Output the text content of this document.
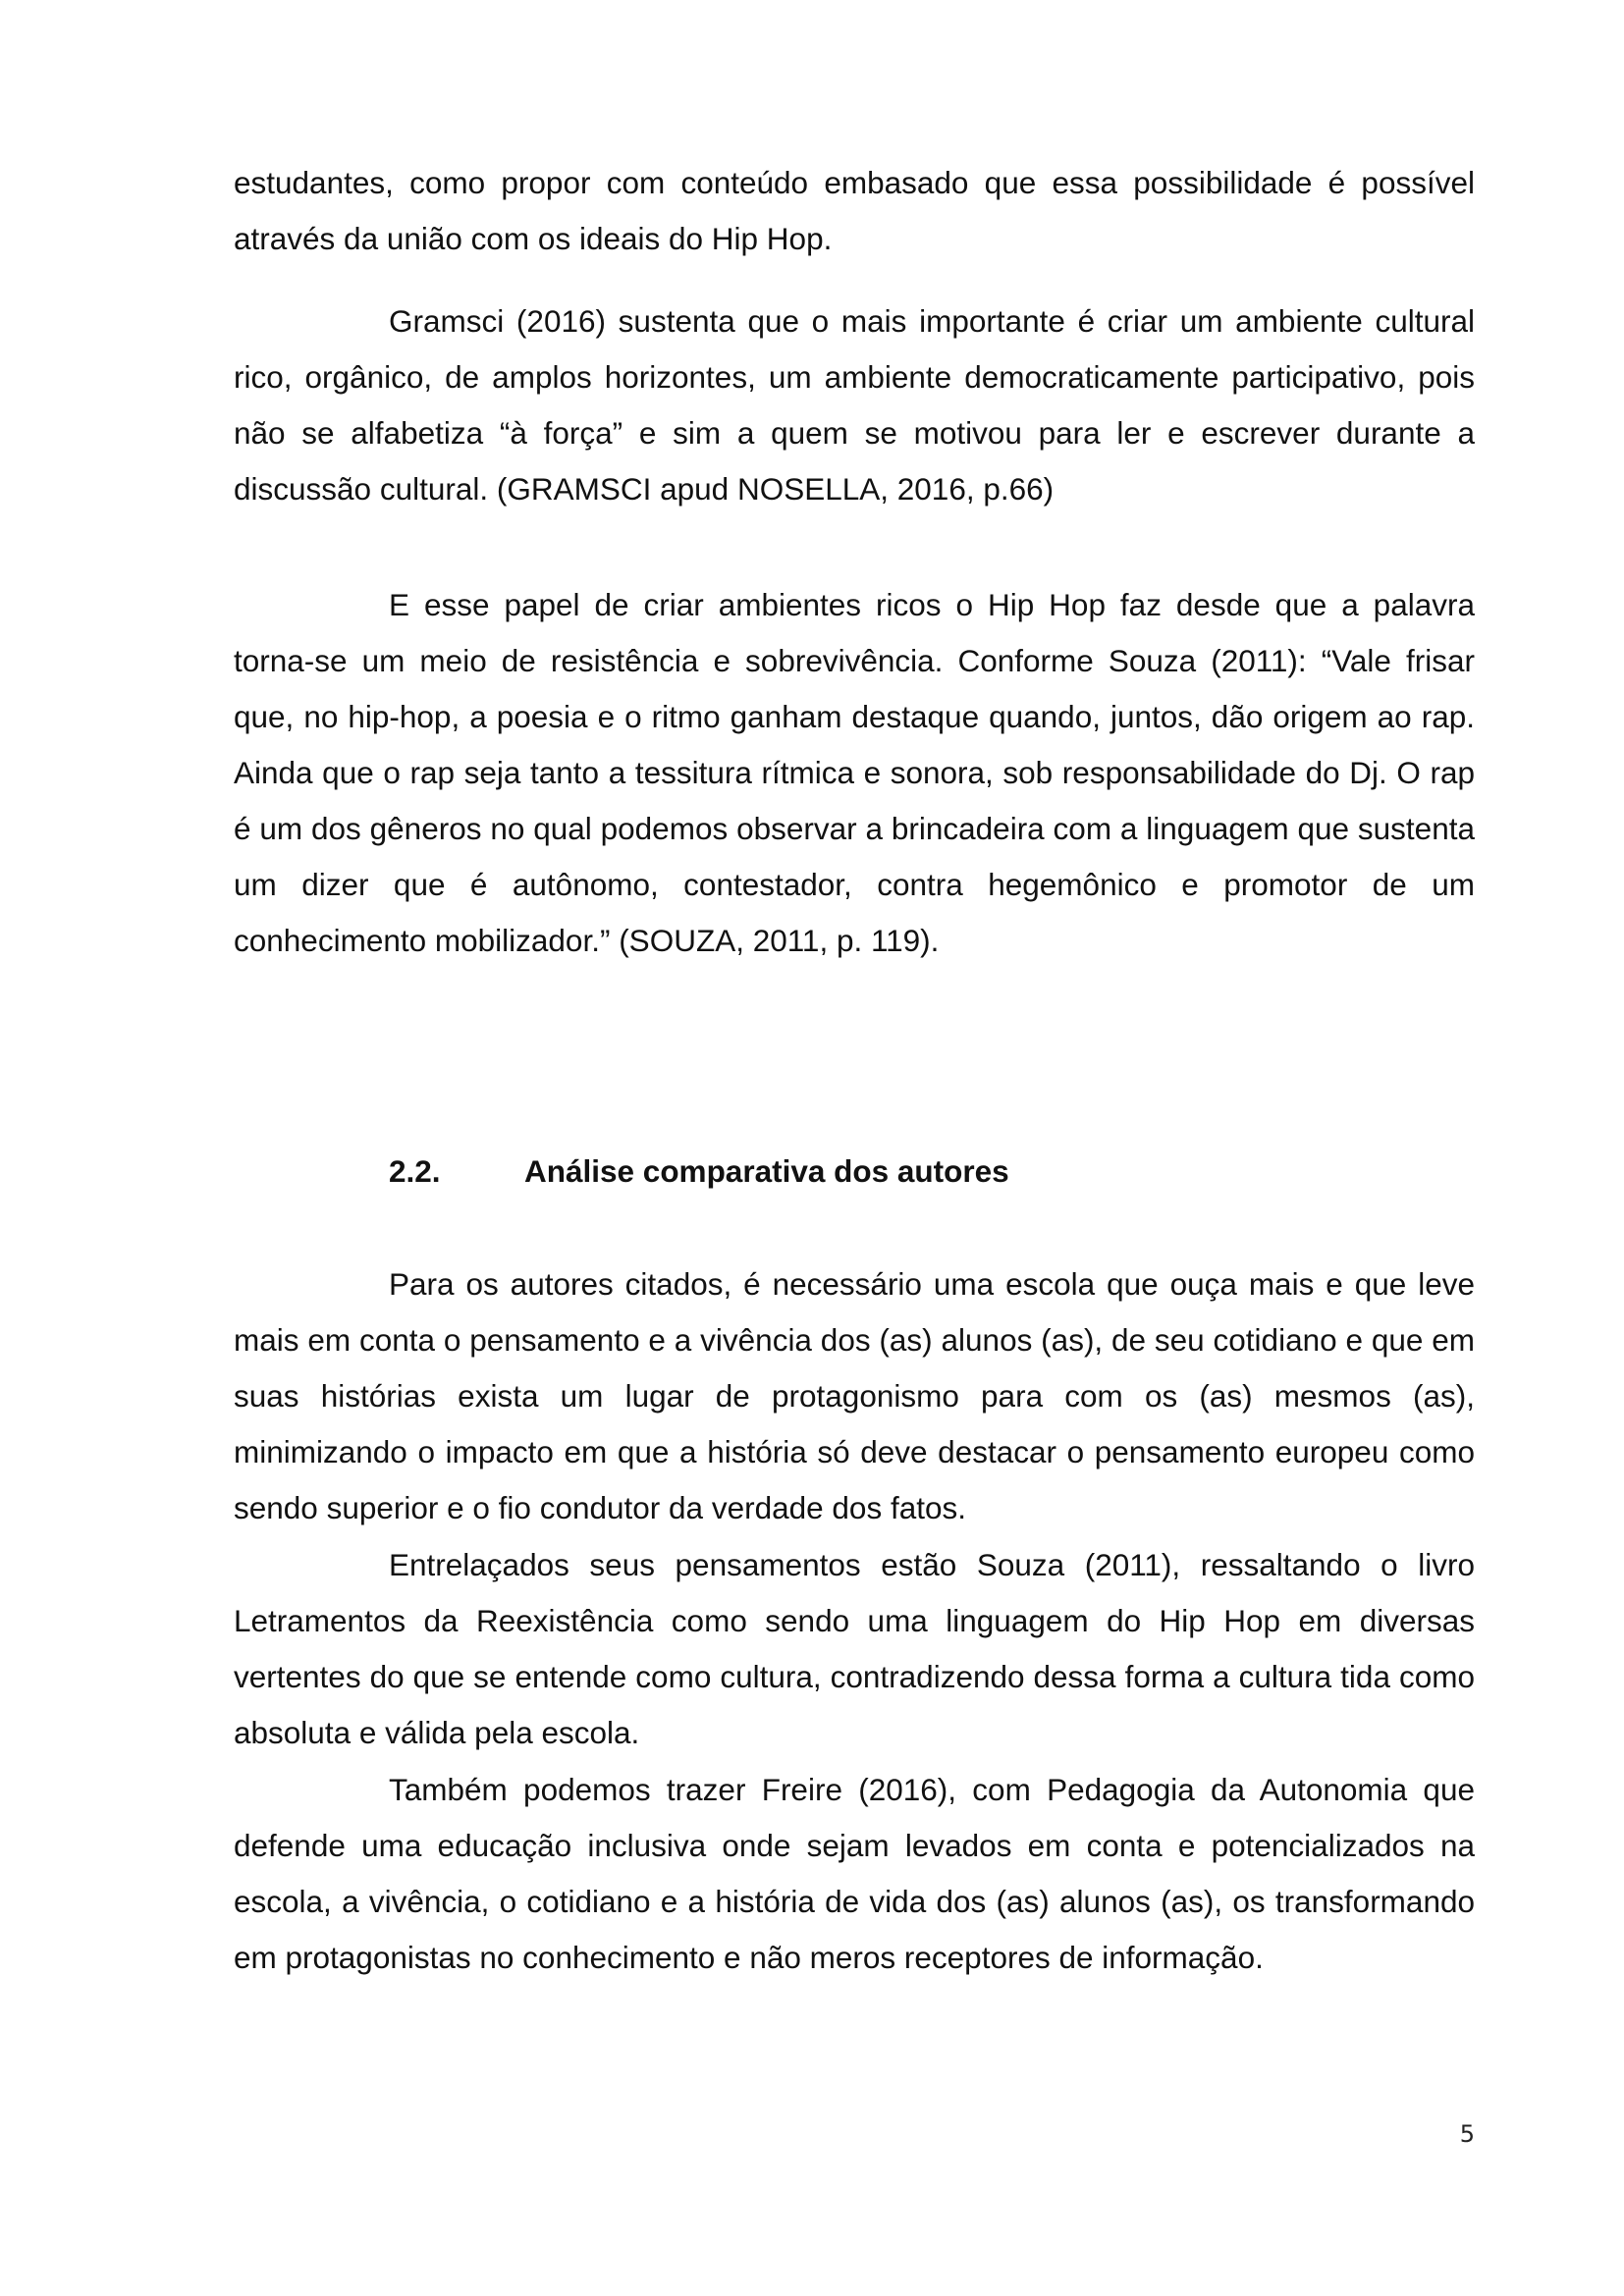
estudantes, como propor com conteúdo embasado que essa possibilidade é possível através da união com os ideais do Hip Hop.

Gramsci (2016) sustenta que o mais importante é criar um ambiente cultural rico, orgânico, de amplos horizontes, um ambiente democraticamente participativo, pois não se alfabetiza “à força” e sim a quem se motivou para ler e escrever durante a discussão cultural. (GRAMSCI apud NOSELLA, 2016, p.66)

E esse papel de criar ambientes ricos o Hip Hop faz desde que a palavra torna-se um meio de resistência e sobrevivência. Conforme Souza (2011): “Vale frisar que, no hip-hop, a poesia e o ritmo ganham destaque quando, juntos, dão origem ao rap. Ainda que o rap seja tanto a tessitura rítmica e sonora, sob responsabilidade do Dj. O rap é um dos gêneros no qual podemos observar a brincadeira com a linguagem que sustenta um dizer que é autônomo, contestador, contra hegemônico e promotor de um conhecimento mobilizador.” (SOUZA, 2011, p. 119).

2.2.	Análise comparativa dos autores

Para os autores citados, é necessário uma escola que ouça mais e que leve mais em conta o pensamento e a vivência dos (as) alunos (as), de seu cotidiano e que em suas histórias exista um lugar de protagonismo para com os (as) mesmos (as), minimizando o impacto em que a história só deve destacar o pensamento europeu como sendo superior e o fio condutor da verdade dos fatos.

Entrelaçados seus pensamentos estão Souza (2011), ressaltando o livro Letramentos da Reexistência como sendo uma linguagem do Hip Hop em diversas vertentes do que se entende como cultura, contradizendo dessa forma a cultura tida como absoluta e válida pela escola.

Também podemos trazer Freire (2016), com Pedagogia da Autonomia que defende uma educação inclusiva onde sejam levados em conta e potencializados na escola, a vivência, o cotidiano e a história de vida dos (as) alunos (as), os transformando em protagonistas no conhecimento e não meros receptores de informação.

5
